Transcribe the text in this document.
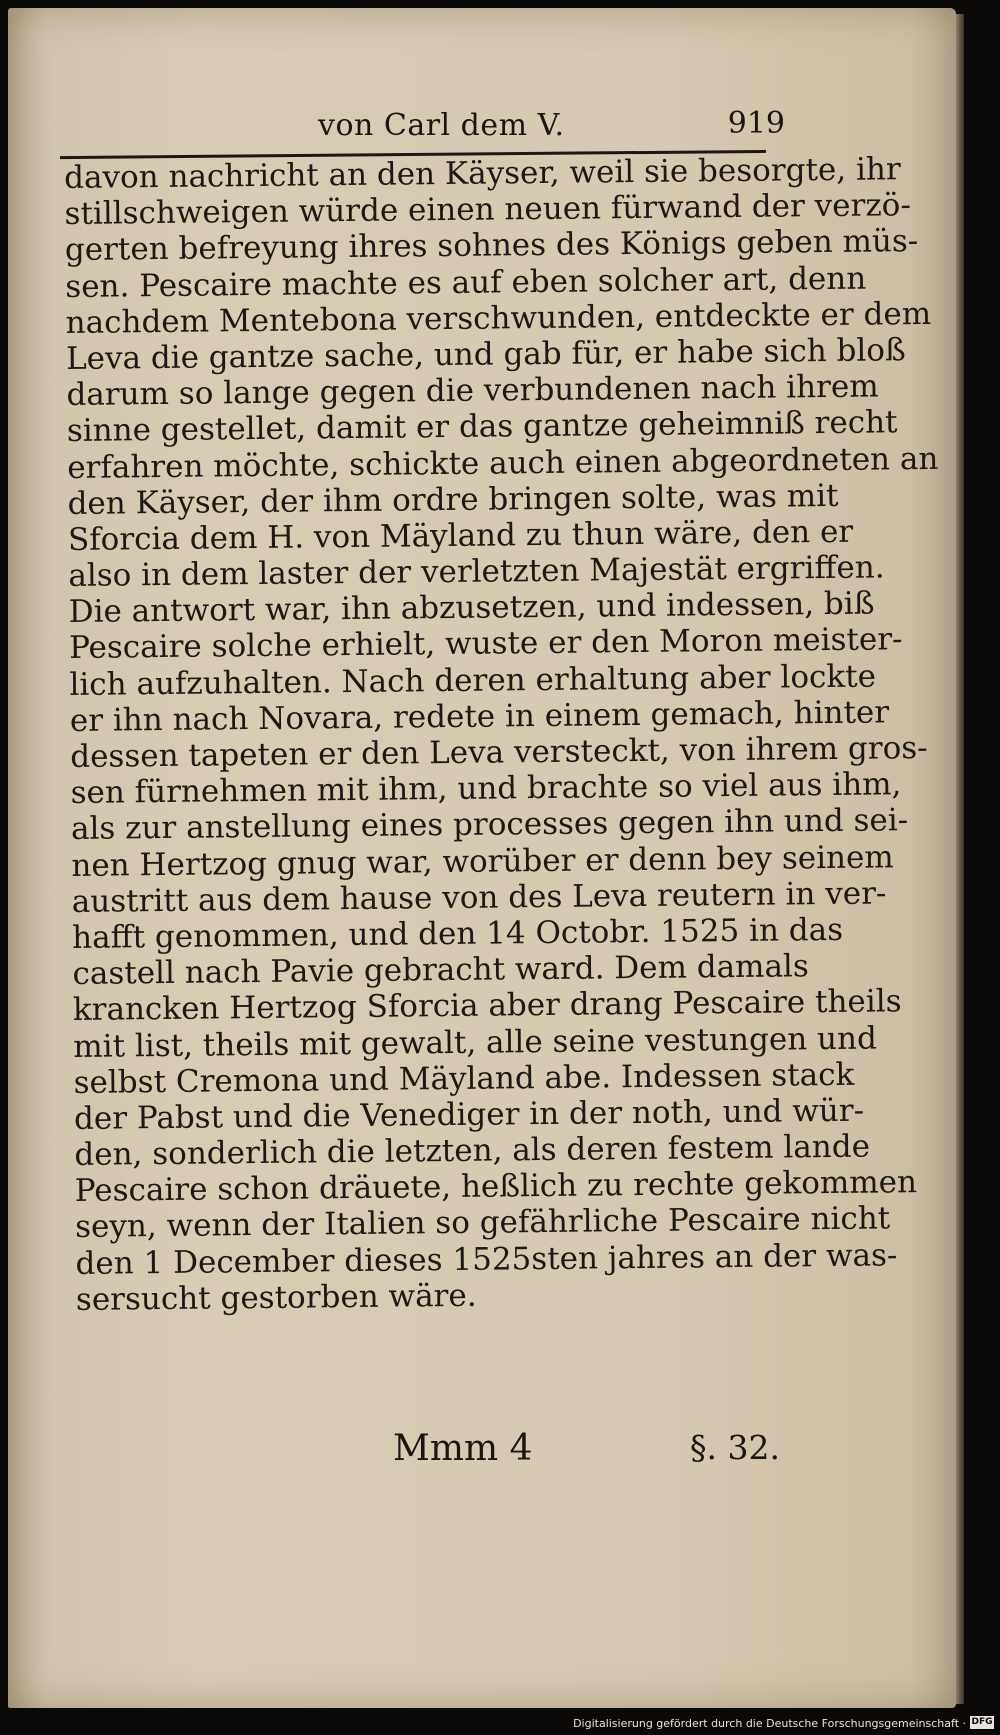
von Carl dem V.	919
davon nachricht an den Käyser, weil sie besorgte, ihr
stillschweigen würde einen neuen fürwand der verzö-
gerten befreyung ihres sohnes des Königs geben müs-
sen. Pescaire machte es auf eben solcher art, denn
nachdem Mentebona verschwunden, entdeckte er dem
Leva die gantze sache, und gab für, er habe sich bloß
darum so lange gegen die verbundenen nach ihrem
sinne gestellet, damit er das gantze geheimniß recht
erfahren möchte, schickte auch einen abgeordneten an
den Käyser, der ihm ordre bringen solte, was mit
Sforcia dem H. von Mäyland zu thun wäre, den er
also in dem laster der verletzten Majestät ergriffen.
Die antwort war, ihn abzusetzen, und indessen, biß
Pescaire solche erhielt, wuste er den Moron meister-
lich aufzuhalten. Nach deren erhaltung aber lockte
er ihn nach Novara, redete in einem gemach, hinter
dessen tapeten er den Leva versteckt, von ihrem gros-
sen fürnehmen mit ihm, und brachte so viel aus ihm,
als zur anstellung eines processes gegen ihn und sei-
nen Hertzog gnug war, worüber er denn bey seinem
austritt aus dem hause von des Leva reutern in ver-
hafft genommen, und den 14 Octobr. 1525 in das
castell nach Pavie gebracht ward. Dem damals
krancken Hertzog Sforcia aber drang Pescaire theils
mit list, theils mit gewalt, alle seine vestungen und
selbst Cremona und Mäyland abe. Indessen stack
der Pabst und die Venediger in der noth, und wür-
den, sonderlich die letzten, als deren festem lande
Pescaire schon dräuete, heßlich zu rechte gekommen
seyn, wenn der Italien so gefährliche Pescaire nicht
den 1 December dieses 1525sten jahres an der was-
sersucht gestorben wäre.
Mmm 4	§. 32.
Digitalisierung gefördert durch die Deutsche Forschungsgemeinschaft · DFG
